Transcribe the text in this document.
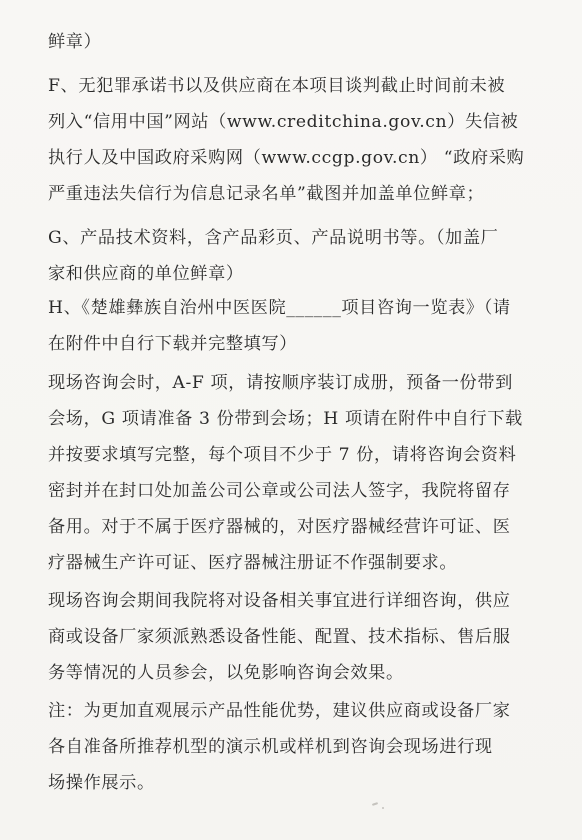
鲜章）
F、无犯罪承诺书以及供应商在本项目谈判截止时间前未被
列入“信用中国”网站（www.creditchina.gov.cn）失信被
执行人及中国政府采购网（www.ccgp.gov.cn） “政府采购
严重违法失信行为信息记录名单”截图并加盖单位鲜章；
G、产品技术资料，含产品彩页、产品说明书等。（加盖厂
家和供应商的单位鲜章）
H、《楚雄彝族自治州中医医院______项目咨询一览表》（请
在附件中自行下载并完整填写）
现场咨询会时，A-F 项，请按顺序装订成册，预备一份带到
会场，G 项请准备 3 份带到会场；H 项请在附件中自行下载
并按要求填写完整，每个项目不少于 7 份，请将咨询会资料
密封并在封口处加盖公司公章或公司法人签字，我院将留存
备用。对于不属于医疗器械的，对医疗器械经营许可证、医
疗器械生产许可证、医疗器械注册证不作强制要求。
现场咨询会期间我院将对设备相关事宜进行详细咨询，供应
商或设备厂家须派熟悉设备性能、配置、技术指标、售后服
务等情况的人员参会，以免影响咨询会效果。
注：为更加直观展示产品性能优势，建议供应商或设备厂家
各自准备所推荐机型的演示机或样机到咨询会现场进行现
场操作展示。
